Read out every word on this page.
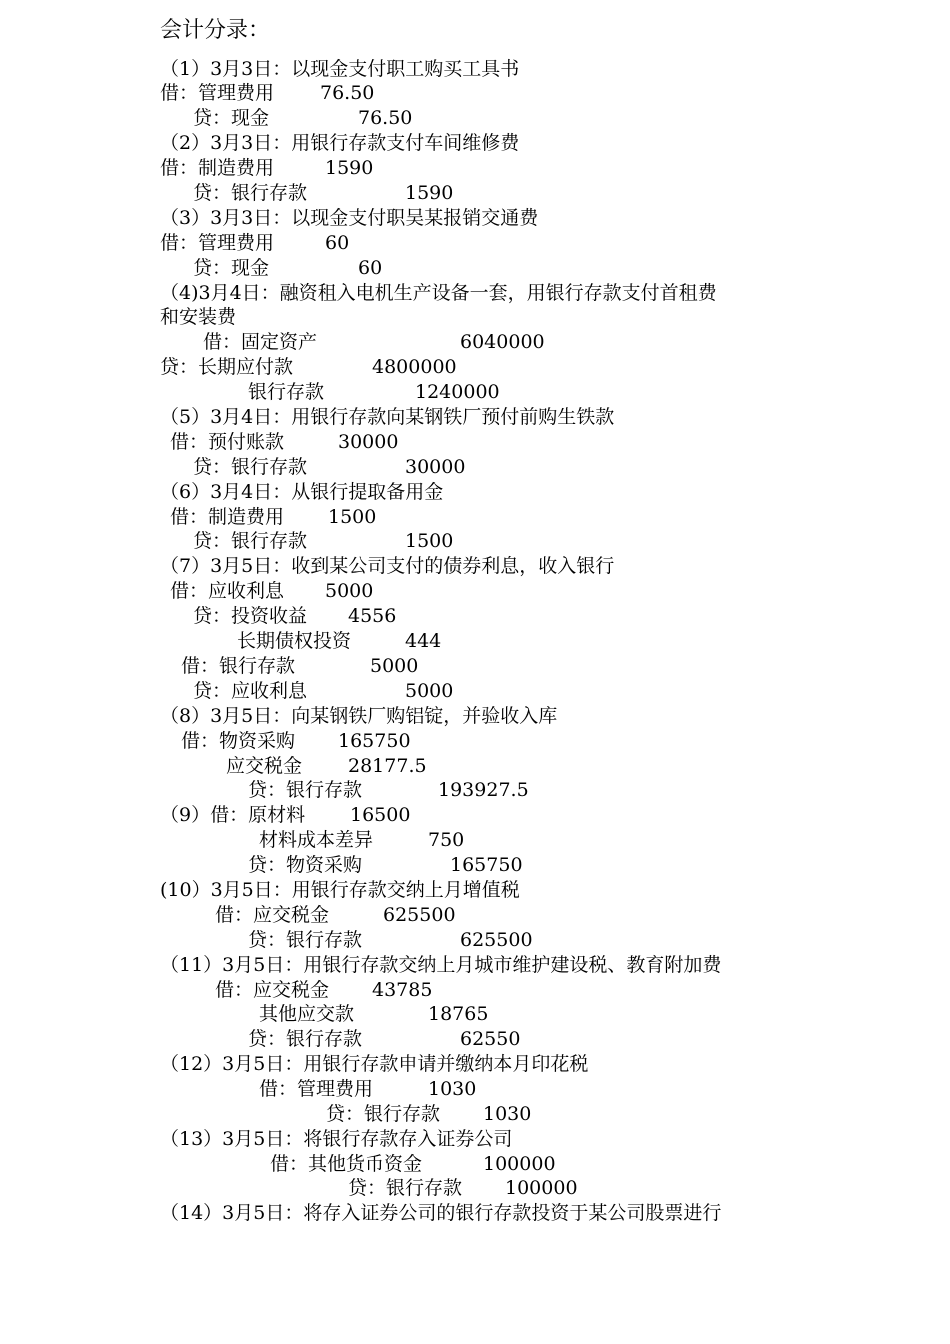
会计分录：
（1）3月3日：以现金支付职工购买工具书
借：管理费用 76.50
贷：现金	76.50
（2）3月3日：用银行存款支付车间维修费
借：制造费用	1590
贷：银行存款	1590
（3）3月3日：以现金支付职吴某报销交通费
借：管理费用	60
贷：现金	60
（4)3月4日：融资租入电机生产设备一套，用银行存款支付首租费
和安装费
借：固定资产	6040000
贷：长期应付款	4800000
银行存款	1240000
（5）3月4日：用银行存款向某钢铁厂预付前购生铁款
借：预付账款	30000
贷：银行存款	30000
（6）3月4日：从银行提取备用金
借：制造费用 1500
贷：银行存款	1500
（7）3月5日：收到某公司支付的债券利息，收入银行
借：应收利息 5000
贷：投资收益 4556
长期债权投资	444
借：银行存款	5000
贷：应收利息	5000
（8）3月5日：向某钢铁厂购铝锭，并验收入库
借：物资采购 165750
应交税金 28177.5
贷：银行存款	193927.5
（9）借：原材料 16500
材料成本差异	750
贷：物资采购	165750
(10）3月5日：用银行存款交纳上月增值税
借：应交税金	625500
贷：银行存款	625500
（11）3月5日：用银行存款交纳上月城市维护建设税、教育附加费
借：应交税金 43785
其他应交款	18765
贷：银行存款	62550
（12）3月5日：用银行存款申请并缴纳本月印花税
借：管理费用	1030
贷：银行存款 1030
（13）3月5日：将银行存款存入证券公司
借：其他货币资金	100000
贷：银行存款 100000
（14）3月5日：将存入证券公司的银行存款投资于某公司股票进行
